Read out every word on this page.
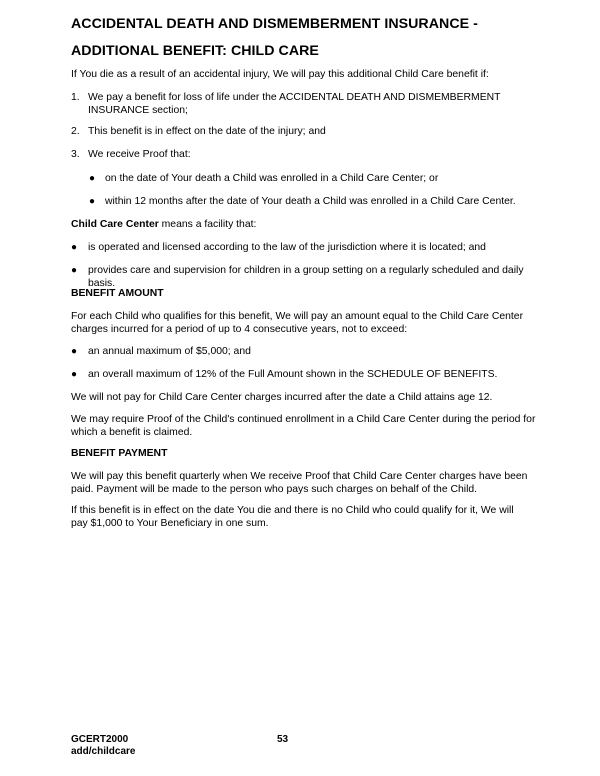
ACCIDENTAL DEATH AND DISMEMBERMENT INSURANCE -
ADDITIONAL BENEFIT: CHILD CARE

If You die as a result of an accidental injury, We will pay this additional Child Care benefit if:

1. We pay a benefit for loss of life under the ACCIDENTAL DEATH AND DISMEMBERMENT INSURANCE section;

2. This benefit is in effect on the date of the injury; and

3. We receive Proof that:

● on the date of Your death a Child was enrolled in a Child Care Center; or

● within 12 months after the date of Your death a Child was enrolled in a Child Care Center.

Child Care Center means a facility that:

● is operated and licensed according to the law of the jurisdiction where it is located; and

● provides care and supervision for children in a group setting on a regularly scheduled and daily basis.

BENEFIT AMOUNT

For each Child who qualifies for this benefit, We will pay an amount equal to the Child Care Center charges incurred for a period of up to 4 consecutive years, not to exceed:

● an annual maximum of $5,000; and

● an overall maximum of 12% of the Full Amount shown in the SCHEDULE OF BENEFITS.

We will not pay for Child Care Center charges incurred after the date a Child attains age 12.

We may require Proof of the Child's continued enrollment in a Child Care Center during the period for which a benefit is claimed.

BENEFIT PAYMENT

We will pay this benefit quarterly when We receive Proof that Child Care Center charges have been paid. Payment will be made to the person who pays such charges on behalf of the Child.

If this benefit is in effect on the date You die and there is no Child who could qualify for it, We will pay $1,000 to Your Beneficiary in one sum.

GCERT2000
add/childcare
53
